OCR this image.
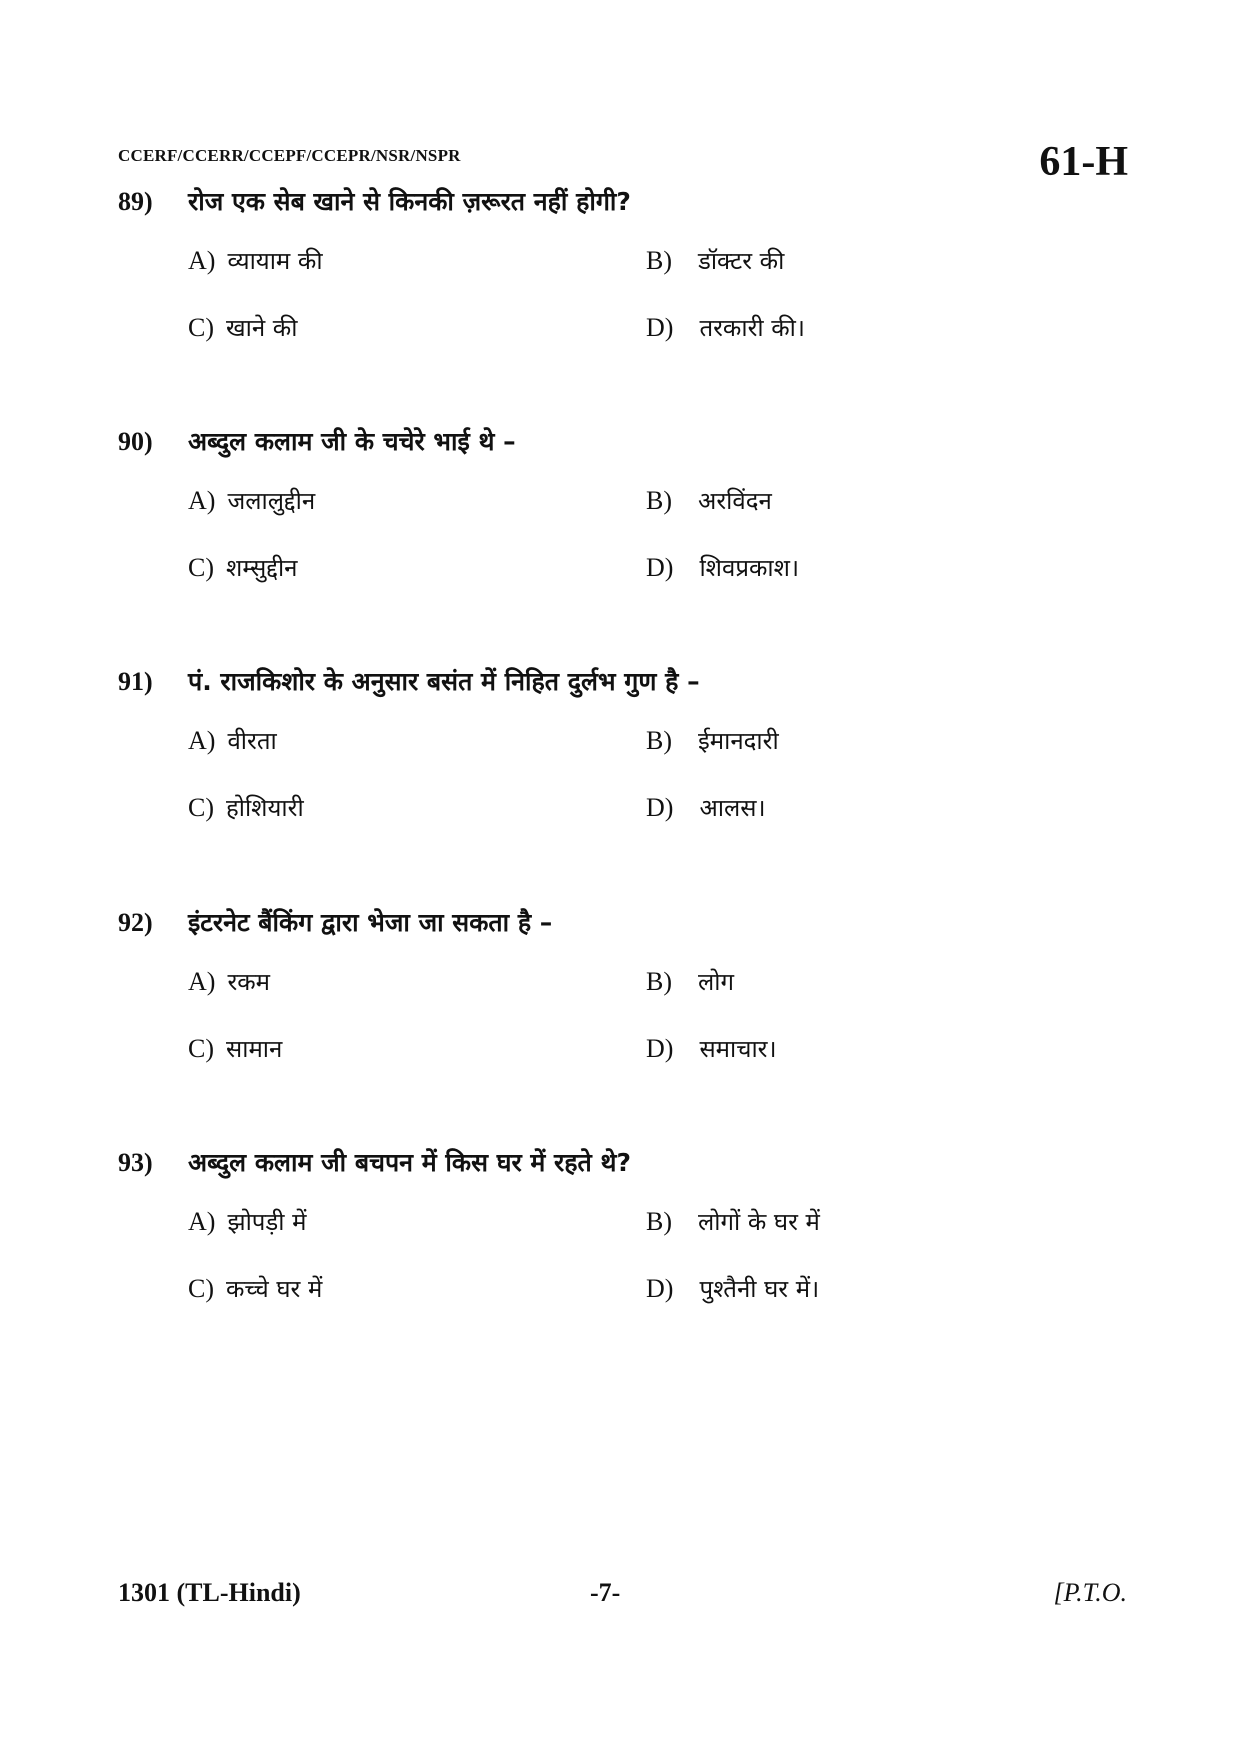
CCERF/CCERR/CCEPF/CCEPR/NSR/NSPR	61-H
89)	रोज एक सेब खाने से किनकी ज़रूरत नहीं होगी?
A) व्यायाम की	B) डॉक्टर की
C) खाने की	D) तरकारी की।
90)	अब्दुल कलाम जी के चचेरे भाई थे –
A) जलालुद्दीन	B) अरविंदन
C) शम्सुद्दीन	D) शिवप्रकाश।
91)	पं. राजकिशोर के अनुसार बसंत में निहित दुर्लभ गुण है –
A) वीरता	B) ईमानदारी
C) होशियारी	D) आलस।
92)	इंटरनेट बैंकिंग द्वारा भेजा जा सकता है –
A) रकम	B) लोग
C) सामान	D) समाचार।
93)	अब्दुल कलाम जी बचपन में किस घर में रहते थे?
A) झोपड़ी में	B) लोगों के घर में
C) कच्चे घर में	D) पुश्तैनी घर में।
1301 (TL-Hindi)	-7-	[P.T.O.
